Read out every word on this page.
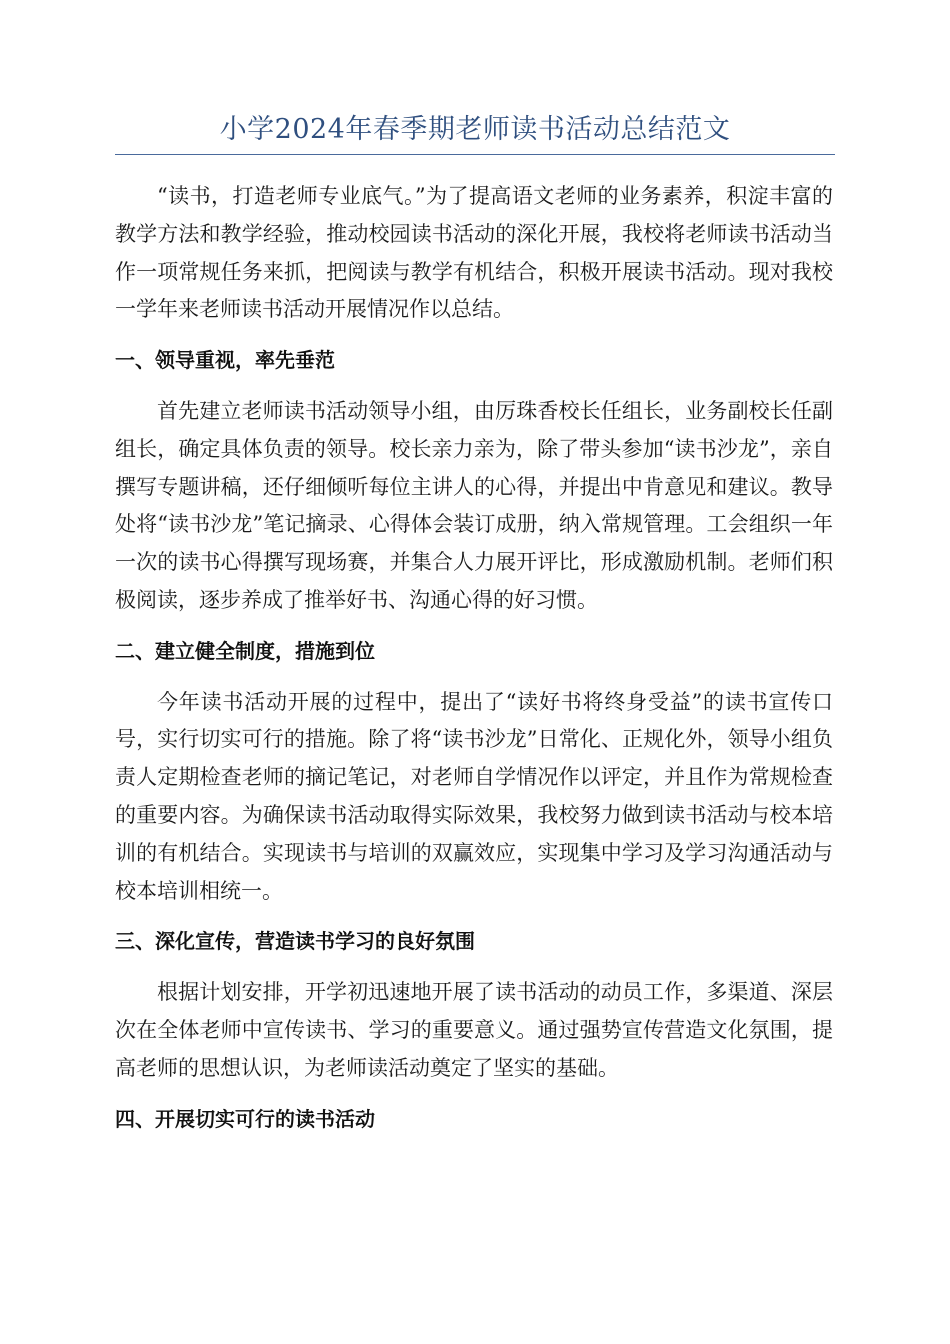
小学2024年春季期老师读书活动总结范文

“读书，打造老师专业底气。”为了提高语文老师的业务素养，积淀丰富的教学方法和教学经验，推动校园读书活动的深化开展，我校将老师读书活动当作一项常规任务来抓，把阅读与教学有机结合，积极开展读书活动。现对我校一学年来老师读书活动开展情况作以总结。

一、领导重视，率先垂范

首先建立老师读书活动领导小组，由厉珠香校长任组长，业务副校长任副组长，确定具体负责的领导。校长亲力亲为，除了带头参加“读书沙龙”，亲自撰写专题讲稿，还仔细倾听每位主讲人的心得，并提出中肯意见和建议。教导处将“读书沙龙”笔记摘录、心得体会装订成册，纳入常规管理。工会组织一年一次的读书心得撰写现场赛，并集合人力展开评比，形成激励机制。老师们积极阅读，逐步养成了推举好书、沟通心得的好习惯。

二、建立健全制度，措施到位

今年读书活动开展的过程中，提出了“读好书将终身受益”的读书宣传口号，实行切实可行的措施。除了将“读书沙龙”日常化、正规化外，领导小组负责人定期检查老师的摘记笔记，对老师自学情况作以评定，并且作为常规检查的重要内容。为确保读书活动取得实际效果，我校努力做到读书活动与校本培训的有机结合。实现读书与培训的双赢效应，实现集中学习及学习沟通活动与校本培训相统一。

三、深化宣传，营造读书学习的良好氛围

根据计划安排，开学初迅速地开展了读书活动的动员工作，多渠道、深层次在全体老师中宣传读书、学习的重要意义。通过强势宣传营造文化氛围，提高老师的思想认识，为老师读活动奠定了坚实的基础。

四、开展切实可行的读书活动
